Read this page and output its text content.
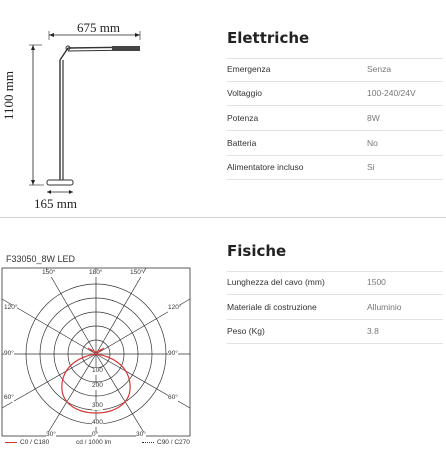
675 mm
1100 mm
165 mm
Elettriche
Emergenza	Senza
Voltaggio	100-240/24V
Potenza	8W
Batteria	No
Alimentatore incluso	Si
Fisiche
Lunghezza del cavo (mm)	1500
Materiale di costruzione	Alluminio
Peso (Kg)	3.8
F33050_8W LED
150°	180°	150°
120°
90°
60°
120°
90°
60°
30°	0°	30°
100
200
300
400
C0 / C180	cd / 1000 lm	C90 / C270
